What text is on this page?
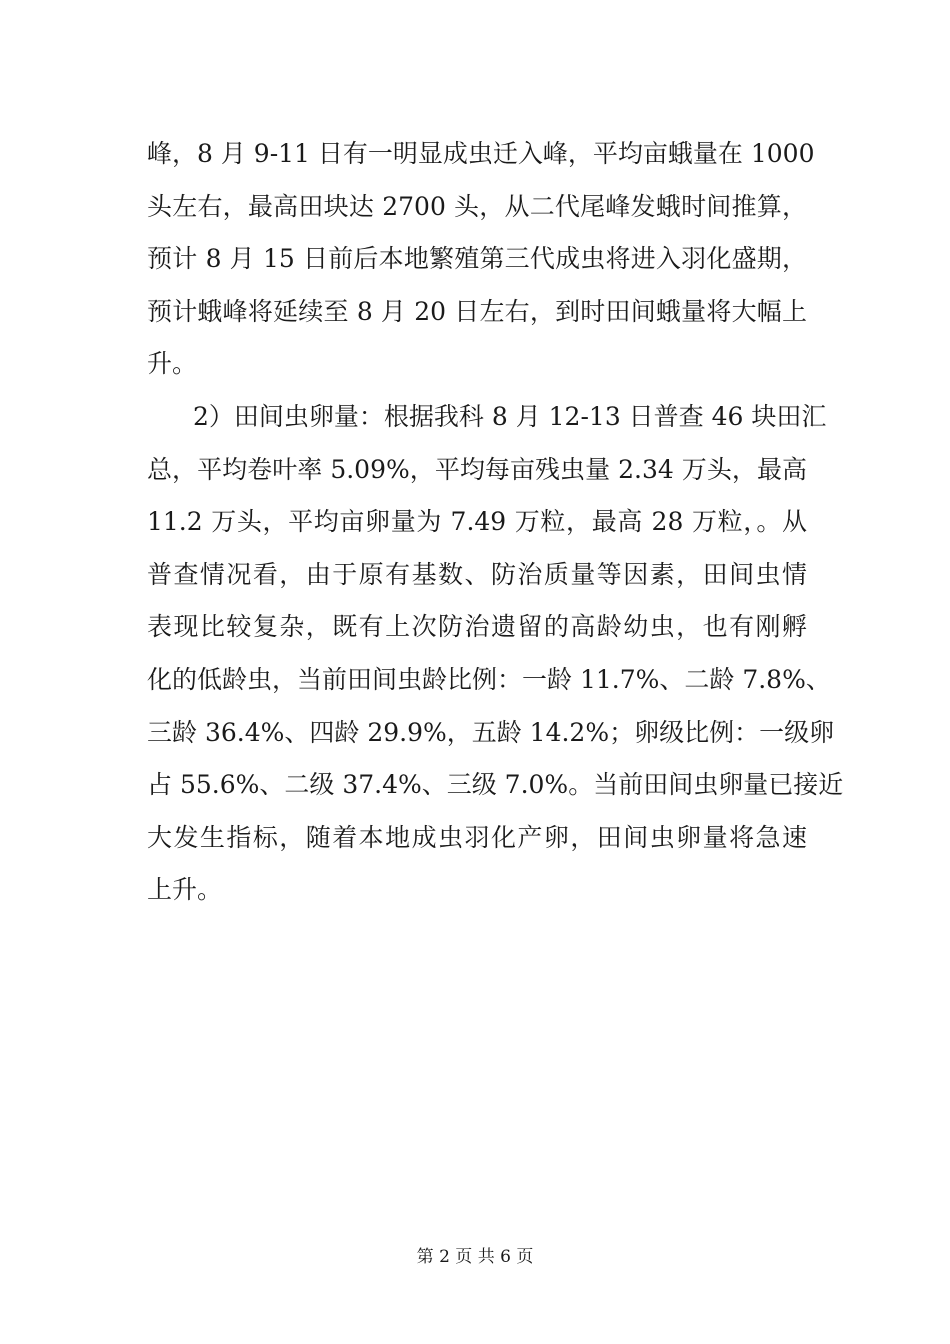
峰，8 月 9-11 日有一明显成虫迁入峰，平均亩蛾量在 1000
头左右，最高田块达 2700 头，从二代尾峰发蛾时间推算，
预计 8 月 15 日前后本地繁殖第三代成虫将进入羽化盛期，
预计蛾峰将延续至 8 月 20 日左右，到时田间蛾量将大幅上
升。
2）田间虫卵量：根据我科 8 月 12-13 日普查 46 块田汇
总，平均卷叶率 5.09%，平均每亩残虫量 2.34 万头，最高
11.2 万头，平均亩卵量为 7.49 万粒，最高 28 万粒，。从
普查情况看，由于原有基数、防治质量等因素，田间虫情
表现比较复杂，既有上次防治遗留的高龄幼虫，也有刚孵
化的低龄虫，当前田间虫龄比例：一龄 11.7%、二龄 7.8%、
三龄 36.4%、四龄 29.9%，五龄 14.2%；卵级比例：一级卵
占 55.6%、二级 37.4%、三级 7.0%。当前田间虫卵量已接近
大发生指标，随着本地成虫羽化产卵，田间虫卵量将急速
上升。
第 2 页 共 6 页
